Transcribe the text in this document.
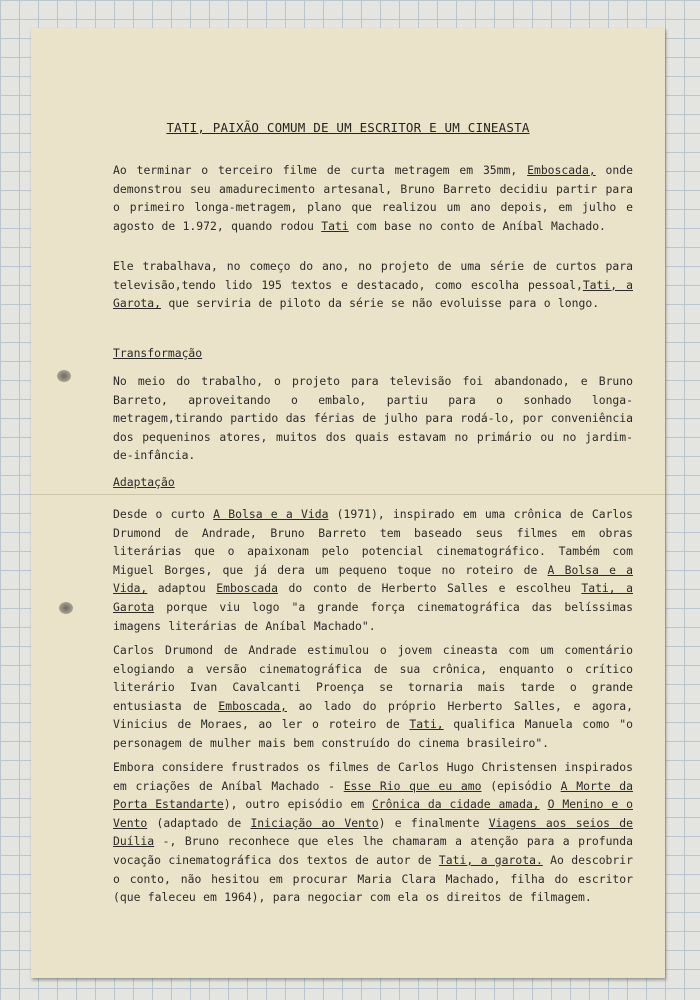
TATI, PAIXÃO COMUM DE UM ESCRITOR E UM CINEASTA

Ao terminar o terceiro filme de curta metragem em 35mm, Emboscada, onde demonstrou seu amadurecimento artesanal, Bruno Barreto decidiu partir para o primeiro longa-metragem, plano que realizou um ano depois, em julho e agosto de 1.972, quando rodou Tati com base no conto de Aníbal Machado.

Ele trabalhava, no começo do ano, no projeto de uma série de curtos para televisão,tendo lido 195 textos e destacado, como escolha pessoal,Tati, a Garota, que serviria de piloto da série se não evoluisse para o longo.

Transformação

No meio do trabalho, o projeto para televisão foi abandonado, e Bruno Barreto, aproveitando o embalo, partiu para o sonhado longa-metragem,tirando partido das férias de julho para rodá-lo, por conveniência dos pequeninos atores, muitos dos quais estavam no primário ou no jardim-de-infância.

Adaptação

Desde o curto A Bolsa e a Vida (1971), inspirado em uma crônica de Carlos Drumond de Andrade, Bruno Barreto tem baseado seus filmes em obras literárias que o apaixonam pelo potencial cinematográfico. Também com Miguel Borges, que já dera um pequeno toque no roteiro de A Bolsa e a Vida, adaptou Emboscada do conto de Herberto Salles e escolheu Tati, a Garota porque viu logo "a grande força cinematográfica das belíssimas imagens literárias de Aníbal Machado".

Carlos Drumond de Andrade estimulou o jovem cineasta com um comentário elogiando a versão cinematográfica de sua crônica, enquanto o crítico literário Ivan Cavalcanti Proença se tornaria mais tarde o grande entusiasta de Emboscada, ao lado do próprio Herberto Salles, e agora, Vinicius de Moraes, ao ler o roteiro de Tati, qualifica Manuela como "o personagem de mulher mais bem construído do cinema brasileiro".

Embora considere frustrados os filmes de Carlos Hugo Christensen inspirados em criações de Aníbal Machado - Esse Rio que eu amo (episódio A Morte da Porta Estandarte), outro episódio em Crônica da cidade amada, O Menino e o Vento (adaptado de Iniciação ao Vento) e finalmente Viagens aos seios de Duília -, Bruno reconhece que eles lhe chamaram a atenção para a profunda vocação cinematográfica dos textos de autor de Tati, a garota. Ao descobrir o conto, não hesitou em procurar Maria Clara Machado, filha do escritor (que faleceu em 1964), para negociar com ela os direitos de filmagem.
